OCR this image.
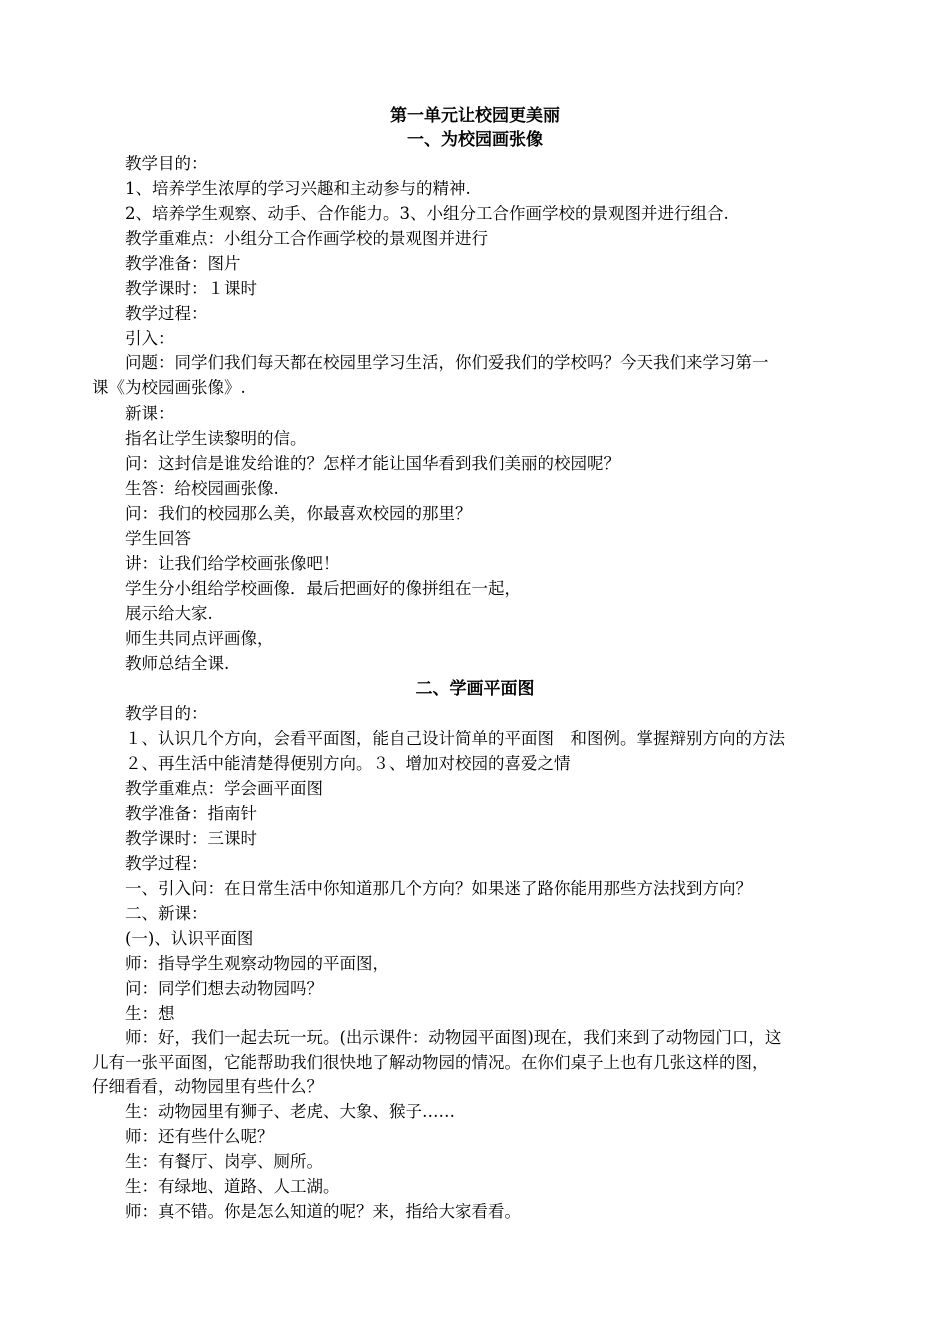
第一单元让校园更美丽
一、为校园画张像

教学目的：

1、培养学生浓厚的学习兴趣和主动参与的精神.

2、培养学生观察、动手、合作能力。3、小组分工合作画学校的景观图并进行组合.

教学重难点：小组分工合作画学校的景观图并进行

教学准备：图片

教学课时：１课时

教学过程：

引入：

问题：同学们我们每天都在校园里学习生活，你们爱我们的学校吗？今天我们来学习第一
课《为校园画张像》.

新课：

指名让学生读黎明的信。

问：这封信是谁发给谁的？怎样才能让国华看到我们美丽的校园呢？

生答：给校园画张像.

问：我们的校园那么美，你最喜欢校园的那里？

学生回答

讲：让我们给学校画张像吧！

学生分小组给学校画像．最后把画好的像拼组在一起，

展示给大家.

师生共同点评画像，

教师总结全课.

二、学画平面图

教学目的：

１、认识几个方向，会看平面图，能自己设计简单的平面图　和图例。掌握辩别方向的方法

２、再生活中能清楚得便别方向。３、增加对校园的喜爱之情

教学重难点：学会画平面图

教学准备：指南针

教学课时：三课时

教学过程：

一、引入问：在日常生活中你知道那几个方向？如果迷了路你能用那些方法找到方向？

二、新课：

(一)、认识平面图

师：指导学生观察动物园的平面图，

问：同学们想去动物园吗？

生：想

师：好，我们一起去玩一玩。(出示课件：动物园平面图)现在，我们来到了动物园门口，这
儿有一张平面图，它能帮助我们很快地了解动物园的情况。在你们桌子上也有几张这样的图，
仔细看看，动物园里有些什么？

生：动物园里有狮子、老虎、大象、猴子……

师：还有些什么呢？

生：有餐厅、岗亭、厕所。

生：有绿地、道路、人工湖。

师：真不错。你是怎么知道的呢？来，指给大家看看。
